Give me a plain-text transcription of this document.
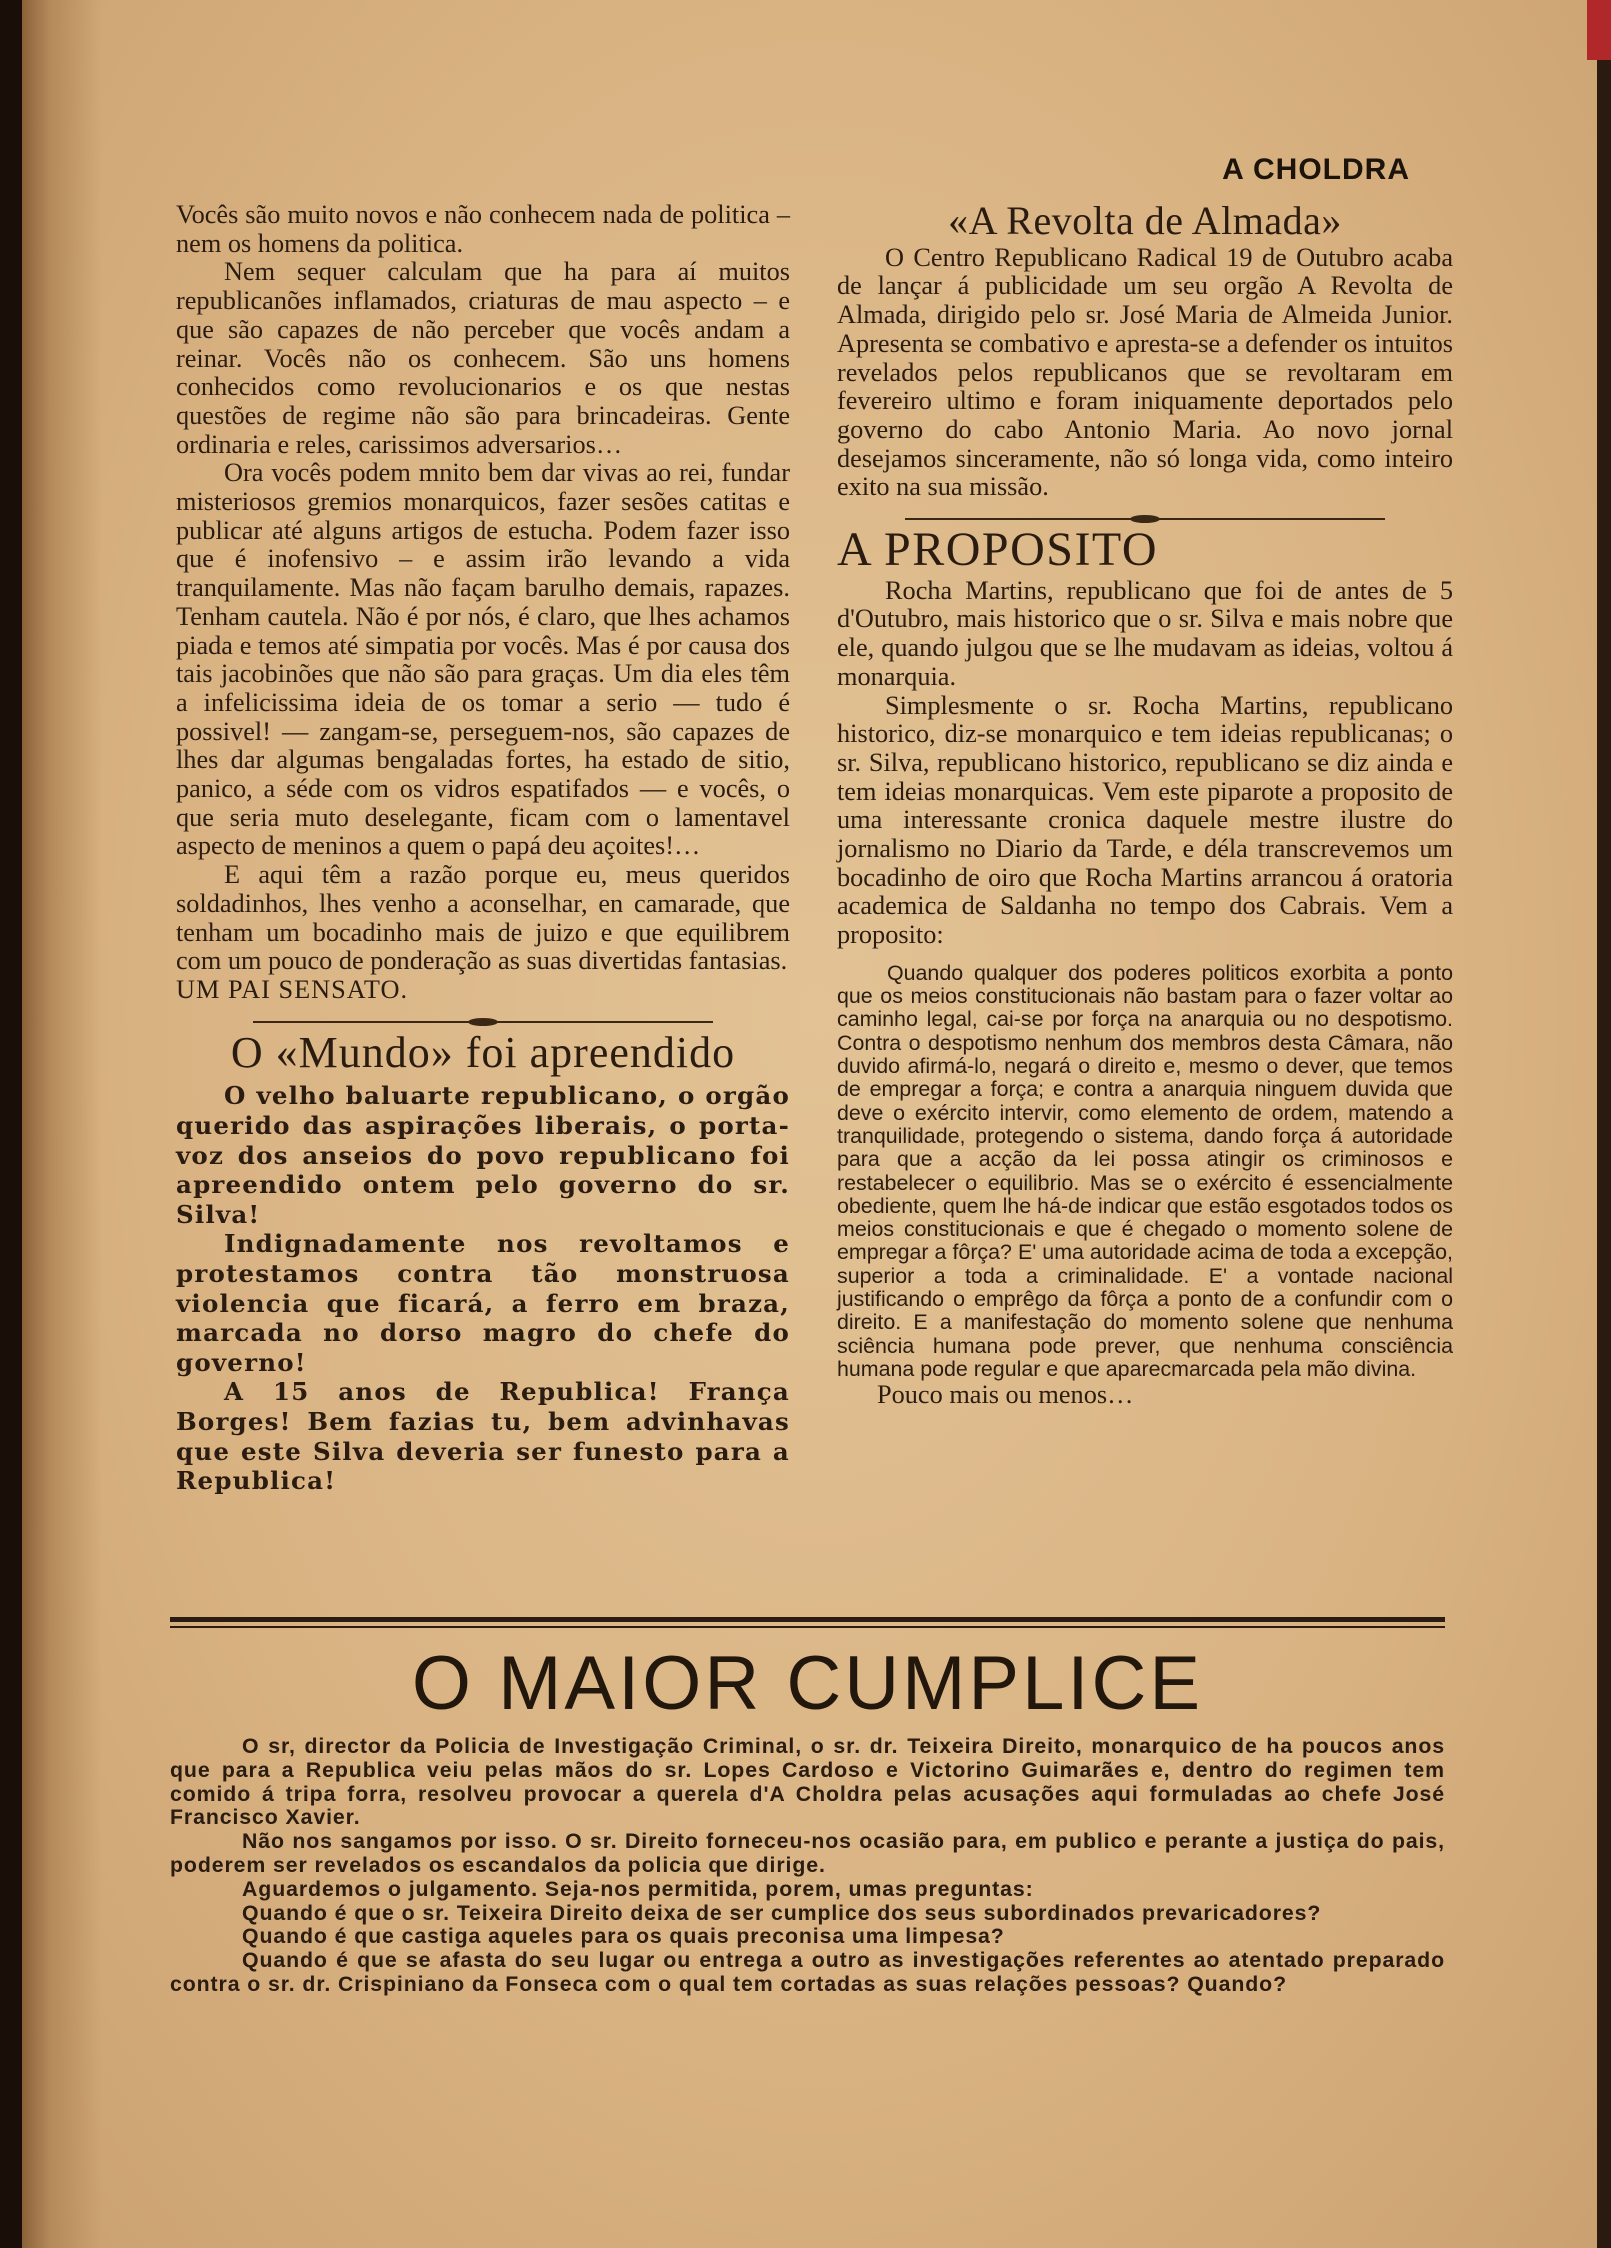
A CHOLDRA

Vocês são muito novos e não conhecem nada de politica – nem os homens da politica.

Nem sequer calculam que ha para aí muitos republicanões inflamados, criaturas de mau aspecto – e que são capazes de não perceber que vocês andam a reinar. Vocês não os conhecem. São uns homens conhecidos como revolucionarios e os que nestas questões de regime não são para brincadeiras. Gente ordinaria e reles, carissimos adversarios…

Ora vocês podem mnito bem dar vivas ao rei, fundar misteriosos gremios monarquicos, fazer sesões catitas e publicar até alguns artigos de estucha. Podem fazer isso que é inofensivo – e assim irão levando a vida tranquilamente. Mas não façam barulho demais, rapazes. Tenham cautela. Não é por nós, é claro, que lhes achamos piada e temos até simpatia por vocês. Mas é por causa dos tais jacobinões que não são para graças. Um dia eles têm a infelicissima ideia de os tomar a serio — tudo é possivel! — zangam-se, perseguem-nos, são capazes de lhes dar algumas bengaladas fortes, ha estado de sitio, panico, a séde com os vidros espatifados — e vocês, o que seria muto deselegante, ficam com o lamentavel aspecto de meninos a quem o papá deu açoites!…

E aqui têm a razão porque eu, meus queridos soldadinhos, lhes venho a aconselhar, en camarade, que tenham um bocadinho mais de juizo e que equilibrem com um pouco de ponderação as suas divertidas fantasias.

UM PAI SENSATO.

O «Mundo» foi apreendido

O velho baluarte republicano, o orgão querido das aspirações liberais, o porta-voz dos anseios do povo republicano foi apreendido ontem pelo governo do sr. Silva!

Indignadamente nos revoltamos e protestamos contra tão monstruosa violencia que ficará, a ferro em braza, marcada no dorso magro do chefe do governo!

A 15 anos de Republica! França Borges! Bem fazias tu, bem advinhavas que este Silva deveria ser funesto para a Republica!

«A Revolta de Almada»

O Centro Republicano Radical 19 de Outubro acaba de lançar á publicidade um seu orgão A Revolta de Almada, dirigido pelo sr. José Maria de Almeida Junior. Apresenta se combativo e apresta-se a defender os intuitos revelados pelos republicanos que se revoltaram em fevereiro ultimo e foram iniquamente deportados pelo governo do cabo Antonio Maria. Ao novo jornal desejamos sinceramente, não só longa vida, como inteiro exito na sua missão.

A PROPOSITO

Rocha Martins, republicano que foi de antes de 5 d'Outubro, mais historico que o sr. Silva e mais nobre que ele, quando julgou que se lhe mudavam as ideias, voltou á monarquia.

Simplesmente o sr. Rocha Martins, republicano historico, diz-se monarquico e tem ideias republicanas; o sr. Silva, republicano historico, republicano se diz ainda e tem ideias monarquicas. Vem este piparote a proposito de uma interessante cronica daquele mestre ilustre do jornalismo no Diario da Tarde, e déla transcrevemos um bocadinho de oiro que Rocha Martins arrancou á oratoria academica de Saldanha no tempo dos Cabrais. Vem a proposito:

Quando qualquer dos poderes politicos exorbita a ponto que os meios constitucionais não bastam para o fazer voltar ao caminho legal, cai-se por força na anarquia ou no despotismo. Contra o despotismo nenhum dos membros desta Câmara, não duvido afirmá-lo, negará o direito e, mesmo o dever, que temos de empregar a força; e contra a anarquia ninguem duvida que deve o exército intervir, como elemento de ordem, matendo a tranquilidade, protegendo o sistema, dando força á autoridade para que a acção da lei possa atingir os criminosos e restabelecer o equilibrio. Mas se o exército é essencialmente obediente, quem lhe há-de indicar que estão esgotados todos os meios constitucionais e que é chegado o momento solene de empregar a fôrça? E' uma autoridade acima de toda a excepção, superior a toda a criminalidade. E' a vontade nacional justificando o emprêgo da fôrça a ponto de a confundir com o direito. E a manifestação do momento solene que nenhuma sciência humana pode prever, que nenhuma consciência humana pode regular e que aparecmarcada pela mão divina.

Pouco mais ou menos…

O MAIOR CUMPLICE

O sr, director da Policia de Investigação Criminal, o sr. dr. Teixeira Direito, monarquico de ha poucos anos que para a Republica veiu pelas mãos do sr. Lopes Cardoso e Victorino Guimarães e, dentro do regimen tem comido á tripa forra, resolveu provocar a querela d'A Choldra pelas acusações aqui formuladas ao chefe José Francisco Xavier.

Não nos sangamos por isso. O sr. Direito forneceu-nos ocasião para, em publico e perante a justiça do pais, poderem ser revelados os escandalos da policia que dirige.

Aguardemos o julgamento. Seja-nos permitida, porem, umas preguntas:

Quando é que o sr. Teixeira Direito deixa de ser cumplice dos seus subordinados prevaricadores?

Quando é que castiga aqueles para os quais preconisa uma limpesa?

Quando é que se afasta do seu lugar ou entrega a outro as investigações referentes ao atentado preparado contra o sr. dr. Crispiniano da Fonseca com o qual tem cortadas as suas relações pessoas? Quando?
